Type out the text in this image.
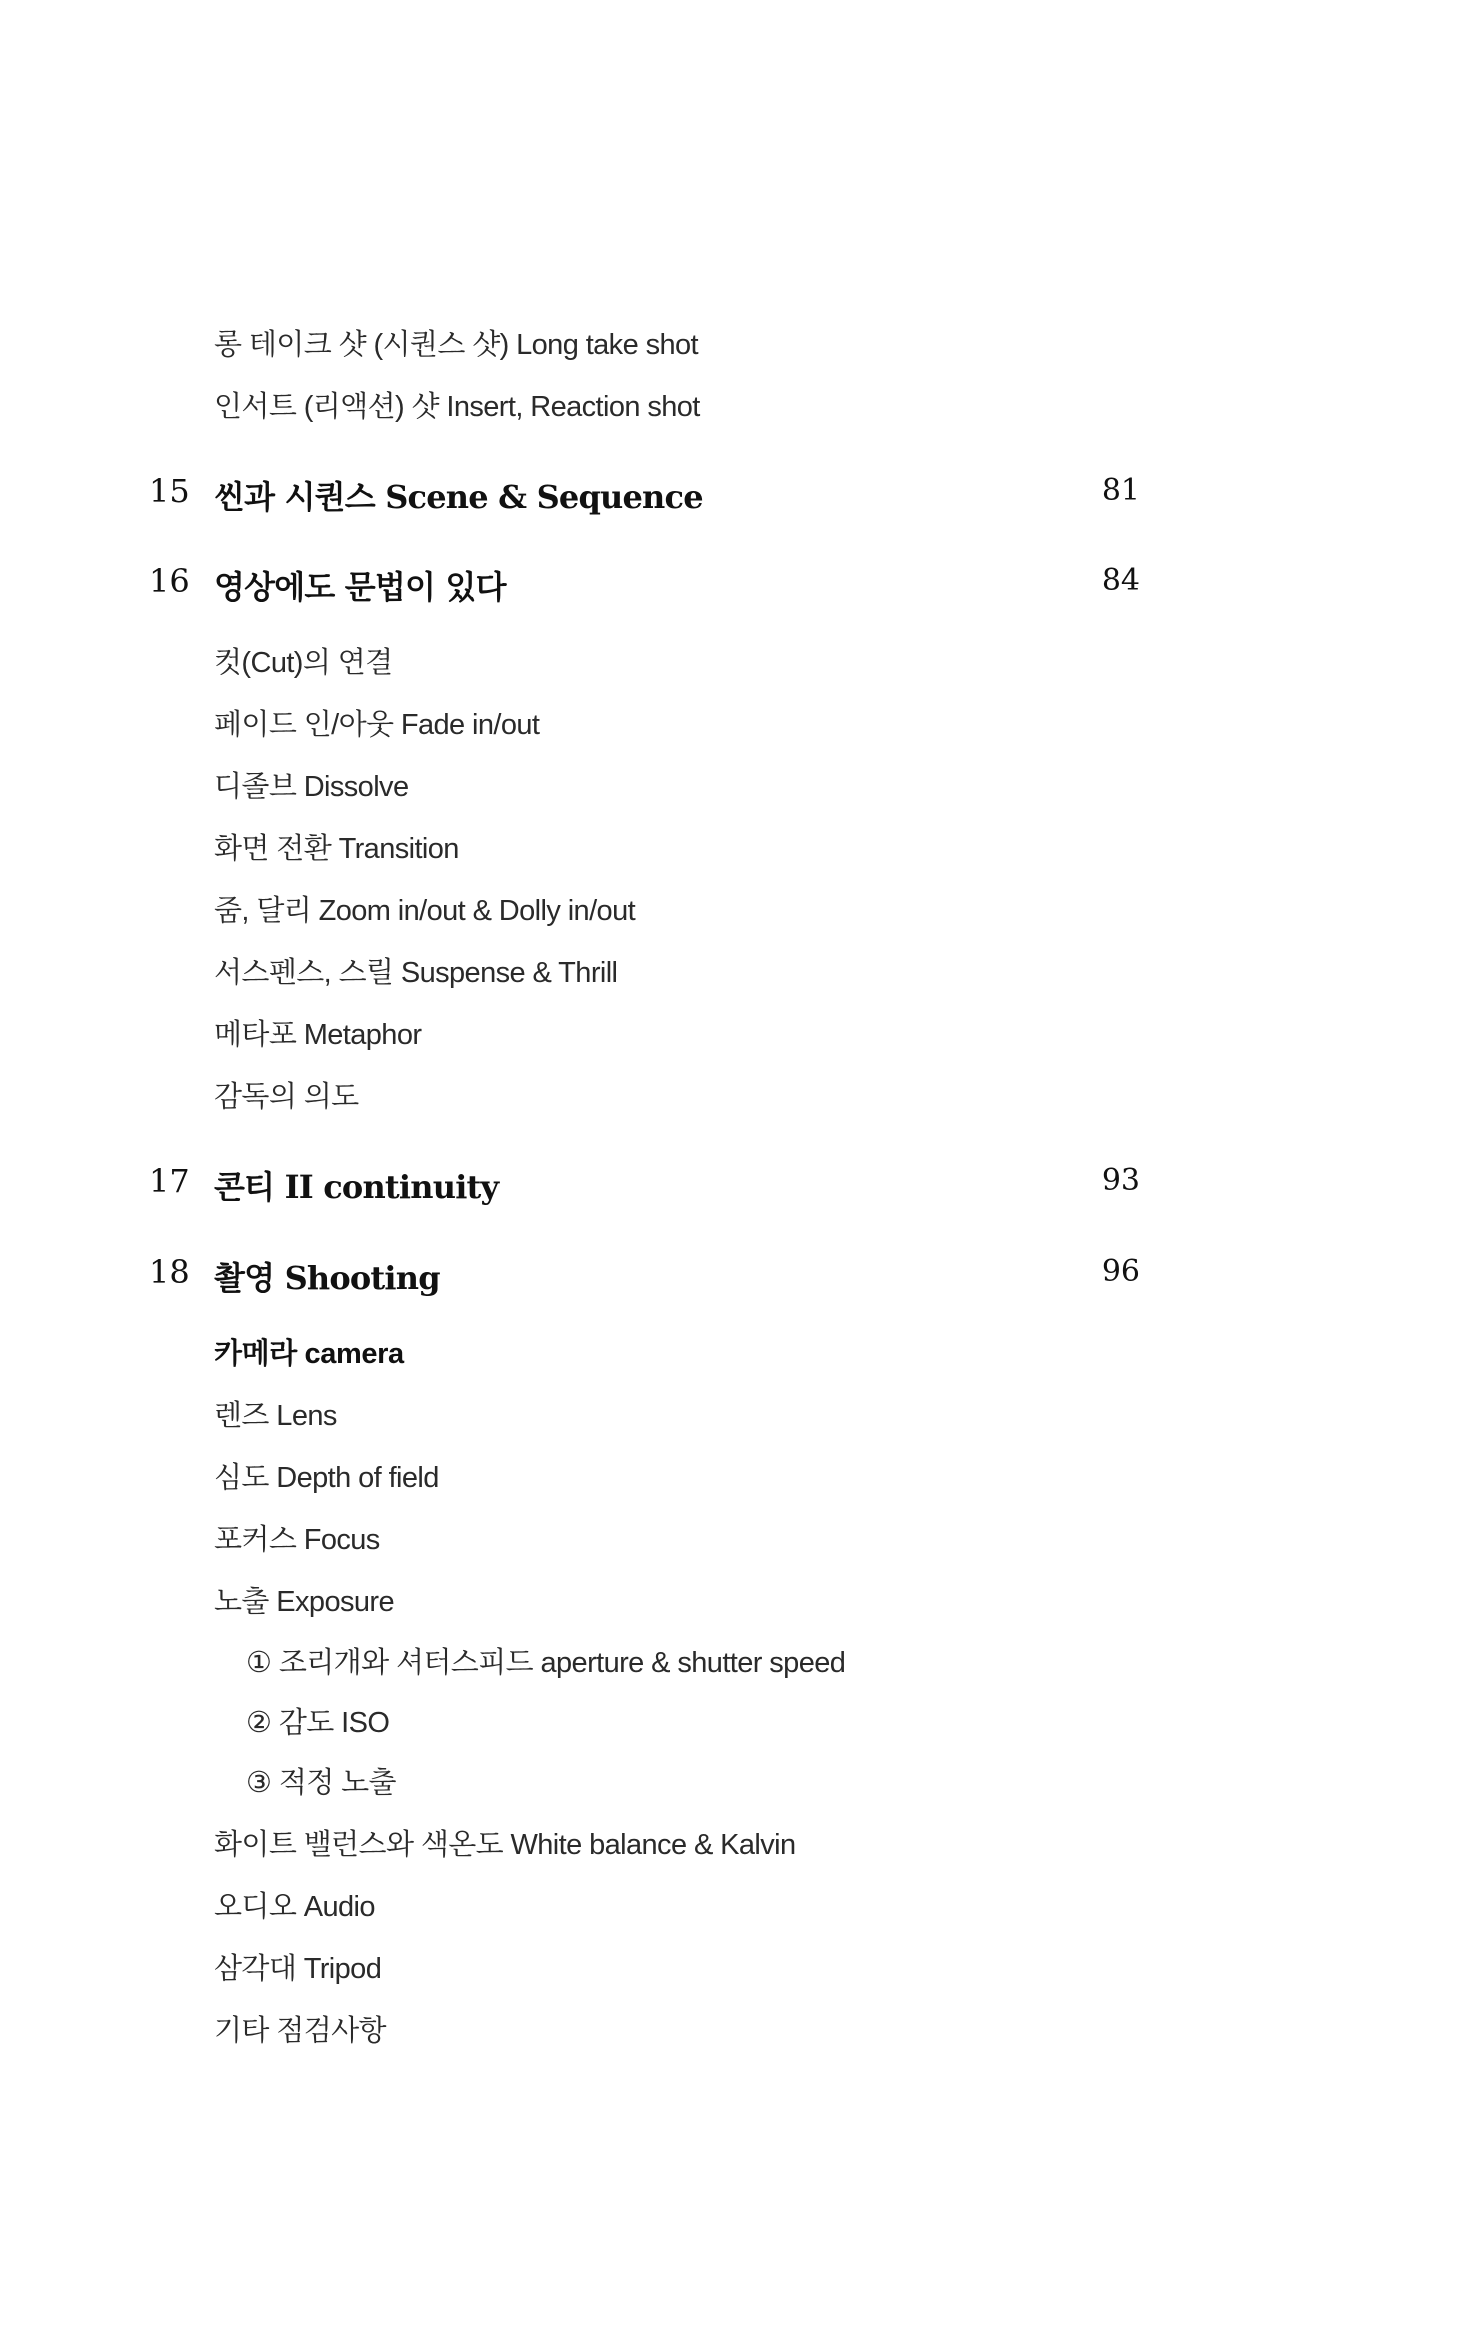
롱 테이크 샷 (시퀀스 샷) Long take shot
인서트 (리액션) 샷 Insert, Reaction shot
15 씬과 시퀀스 Scene & Sequence	81
16 영상에도 문법이 있다	84
컷(Cut)의 연결
페이드 인/아웃 Fade in/out
디졸브 Dissolve
화면 전환 Transition
줌, 달리 Zoom in/out & Dolly in/out
서스펜스, 스릴 Suspense & Thrill
메타포 Metaphor
감독의 의도
17 콘티 II continuity	93
18 촬영 Shooting	96
카메라 camera
렌즈 Lens
심도 Depth of field
포커스 Focus
노출 Exposure
① 조리개와 셔터스피드 aperture & shutter speed
② 감도 ISO
③ 적정 노출
화이트 밸런스와 색온도 White balance & Kalvin
오디오 Audio
삼각대 Tripod
기타 점검사항
